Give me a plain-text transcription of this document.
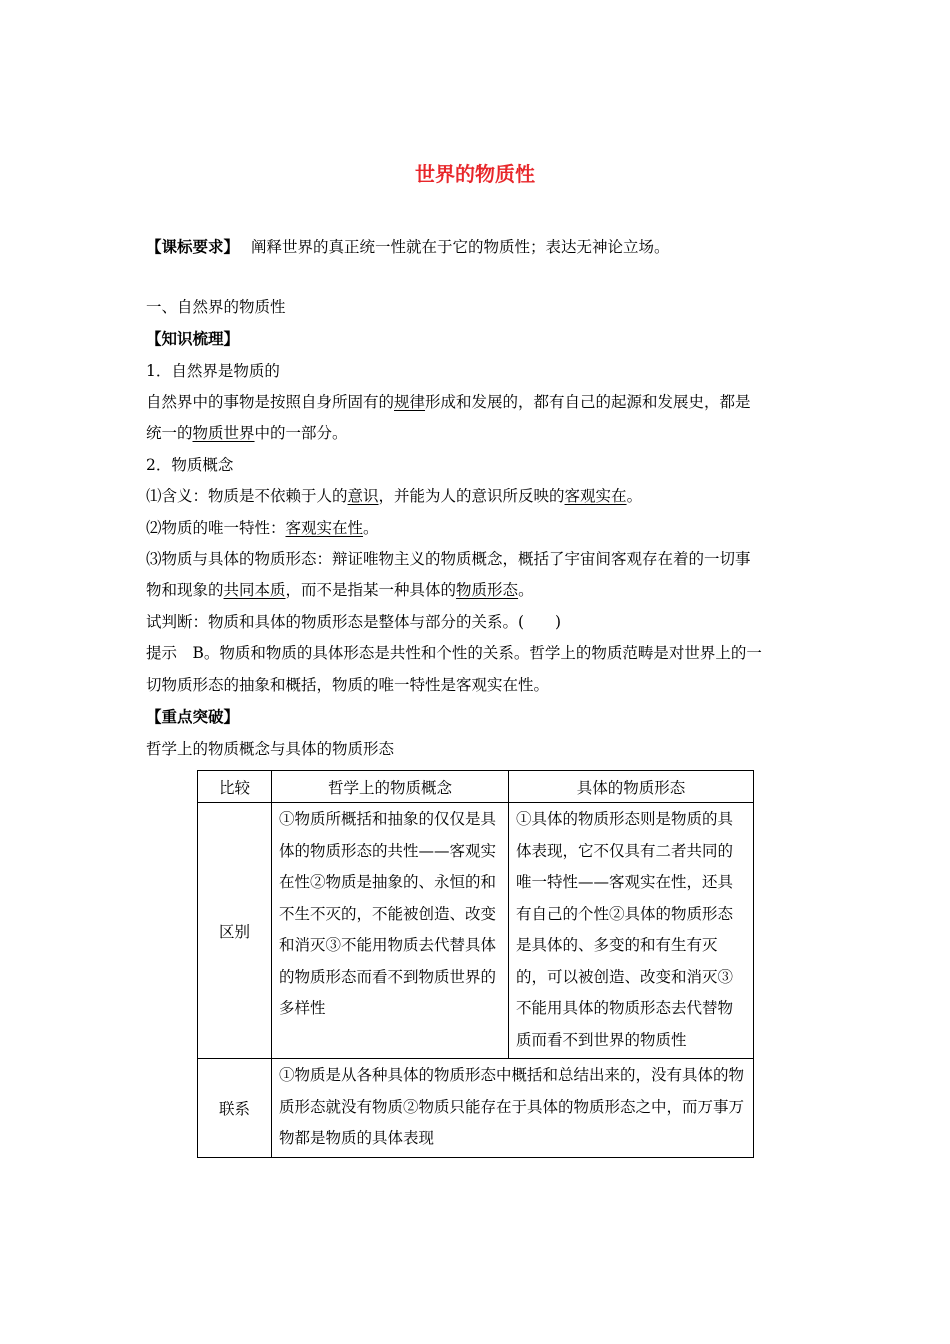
世界的物质性
【课标要求】 阐释世界的真正统一性就在于它的物质性；表达无神论立场。
一、自然界的物质性
【知识梳理】
1．自然界是物质的
自然界中的事物是按照自身所固有的规律形成和发展的，都有自己的起源和发展史，都是
统一的物质世界中的一部分。
2．物质概念
⑴含义：物质是不依赖于人的意识，并能为人的意识所反映的客观实在。
⑵物质的唯一特性：客观实在性。
⑶物质与具体的物质形态：辩证唯物主义的物质概念，概括了宇宙间客观存在着的一切事
物和现象的共同本质，而不是指某一种具体的物质形态。
试判断：物质和具体的物质形态是整体与部分的关系。(　　)
提示　B。物质和物质的具体形态是共性和个性的关系。哲学上的物质范畴是对世界上的一
切物质形态的抽象和概括，物质的唯一特性是客观实在性。
【重点突破】
哲学上的物质概念与具体的物质形态
比较	哲学上的物质概念	具体的物质形态
区别	①物质所概括和抽象的仅仅是具体的物质形态的共性——客观实在性②物质是抽象的、永恒的和不生不灭的，不能被创造、改变和消灭③不能用物质去代替具体的物质形态而看不到物质世界的多样性	①具体的物质形态则是物质的具体表现，它不仅具有二者共同的唯一特性——客观实在性，还具有自己的个性②具体的物质形态是具体的、多变的和有生有灭的，可以被创造、改变和消灭③不能用具体的物质形态去代替物质而看不到世界的物质性
联系	①物质是从各种具体的物质形态中概括和总结出来的，没有具体的物质形态就没有物质②物质只能存在于具体的物质形态之中，而万事万物都是物质的具体表现	
